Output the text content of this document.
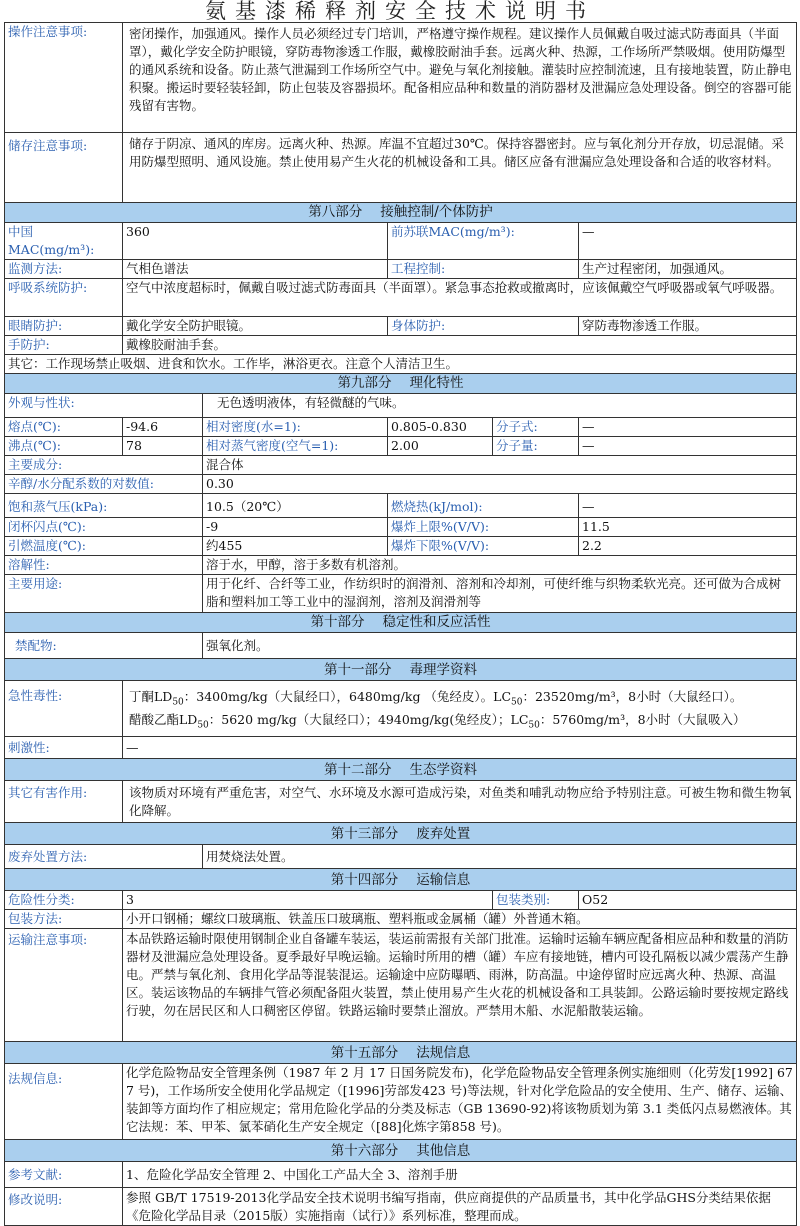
氨基漆稀释剂安全技术说明书
操作注意事项:	密闭操作，加强通风。操作人员必须经过专门培训，严格遵守操作规程。建议操作人员佩戴自吸过滤式防毒面具（半面罩），戴化学安全防护眼镜，穿防毒物渗透工作服，戴橡胶耐油手套。远离火种、热源，工作场所严禁吸烟。使用防爆型的通风系统和设备。防止蒸气泄漏到工作场所空气中。避免与氧化剂接触。灌装时应控制流速，且有接地装置，防止静电积聚。搬运时要轻装轻卸，防止包装及容器损坏。配备相应品种和数量的消防器材及泄漏应急处理设备。倒空的容器可能残留有害物。				
储存注意事项:	储存于阴凉、通风的库房。远离火种、热源。库温不宜超过30℃。保持容器密封。应与氧化剂分开存放，切忌混储。采用防爆型照明、通风设施。禁止使用易产生火花的机械设备和工具。储区应备有泄漏应急处理设备和合适的收容材料。				
第八部分 接触控制/个体防护					
中国MAC(mg/m³):	360		前苏联MAC(mg/m³):		—
监测方法:	气相色谱法		工程控制:		生产过程密闭，加强通风。
呼吸系统防护:	空气中浓度超标时，佩戴自吸过滤式防毒面具（半面罩）。紧急事态抢救或撤离时，应该佩戴空气呼吸器或氧气呼吸器。				
眼睛防护:	戴化学安全防护眼镜。		身体防护:		穿防毒物渗透工作服。
手防护:	戴橡胶耐油手套。				
其它：工作现场禁止吸烟、进食和饮水。工作毕，淋浴更衣。注意个人清洁卫生。					
第九部分 理化特性					
外观与性状:		无色透明液体，有轻微醚的气味。			
熔点(℃):	-94.6	相对密度(水=1):	0.805-0.830	分子式:	—
沸点(℃):	78	相对蒸气密度(空气=1):	2.00	分子量:	—
主要成分:		混合体			
辛醇/水分配系数的对数值:		0.30			
饱和蒸气压(kPa):		10.5（20℃）	燃烧热(kJ/mol):		—
闭杯闪点(℃):		-9	爆炸上限%(V/V):		11.5
引燃温度(℃):		约455	爆炸下限%(V/V):		2.2
溶解性:		溶于水，甲醇，溶于多数有机溶剂。			
主要用途:		用于化纤、合纤等工业，作纺织时的润滑剂、溶剂和冷却剂，可使纤维与织物柔软光亮。还可做为合成树脂和塑料加工等工业中的湿润剂，溶剂及润滑剂等			
第十部分 稳定性和反应活性					
禁配物:		强氧化剂。			
第十一部分 毒理学资料					
急性毒性:	丁酮$LD_{50}$：3400mg/kg（大鼠经口），6480mg/kg （兔经皮）。$LC_{50}$：23520mg/m³，8小时（大鼠经口）。
醋酸乙酯$LD_{50}$：5620 mg/kg（大鼠经口）；4940mg/kg(兔经皮）；$LC_{50}$：5760mg/m³，8小时（大鼠吸入）				

刺激性:	—				
第十二部分 生态学资料					
其它有害作用:	该物质对环境有严重危害，对空气、水环境及水源可造成污染，对鱼类和哺乳动物应给予特别注意。可被生物和微生物氧化降解。				
第十三部分 废弃处置					
废弃处置方法:		用焚烧法处置。			
第十四部分 运输信息					
危险性分类:	3			包装类别:	O52
包装方法:	小开口钢桶；螺纹口玻璃瓶、铁盖压口玻璃瓶、塑料瓶或金属桶（罐）外普通木箱。				
运输注意事项:	本品铁路运输时限使用钢制企业自备罐车装运，装运前需报有关部门批准。运输时运输车辆应配备相应品种和数量的消防器材及泄漏应急处理设备。夏季最好早晚运输。运输时所用的槽（罐）车应有接地链，槽内可设孔隔板以减少震荡产生静电。严禁与氧化剂、食用化学品等混装混运。运输途中应防曝晒、雨淋，防高温。中途停留时应远离火种、热源、高温区。装运该物品的车辆排气管必须配备阻火装置，禁止使用易产生火花的机械设备和工具装卸。公路运输时要按规定路线行驶，勿在居民区和人口稠密区停留。铁路运输时要禁止溜放。严禁用木船、水泥船散装运输。				
第十五部分 法规信息					
法规信息:	化学危险物品安全管理条例（1987 年 2 月 17 日国务院发布)，化学危险物品安全管理条例实施细则（化劳发[1992] 677 号)，工作场所安全使用化学品规定（[1996]劳部发423 号)等法规，针对化学危险品的安全使用、生产、储存、运输、装卸等方面均作了相应规定；常用危险化学品的分类及标志（GB 13690-92)将该物质划为第 3.1 类低闪点易燃液体。其它法规：苯、甲苯、氯苯硝化生产安全规定（[88]化炼字第858 号)。				
第十六部分 其他信息					
参考文献:	1、危险化学品安全管理 2、中国化工产品大全 3、溶剂手册				
修改说明:	参照 GB/T 17519-2013化学品安全技术说明书编写指南，供应商提供的产品质量书，其中化学品GHS分类结果依据《危险化学品目录（2015版）实施指南（试行）》系列标准，整理而成。				
